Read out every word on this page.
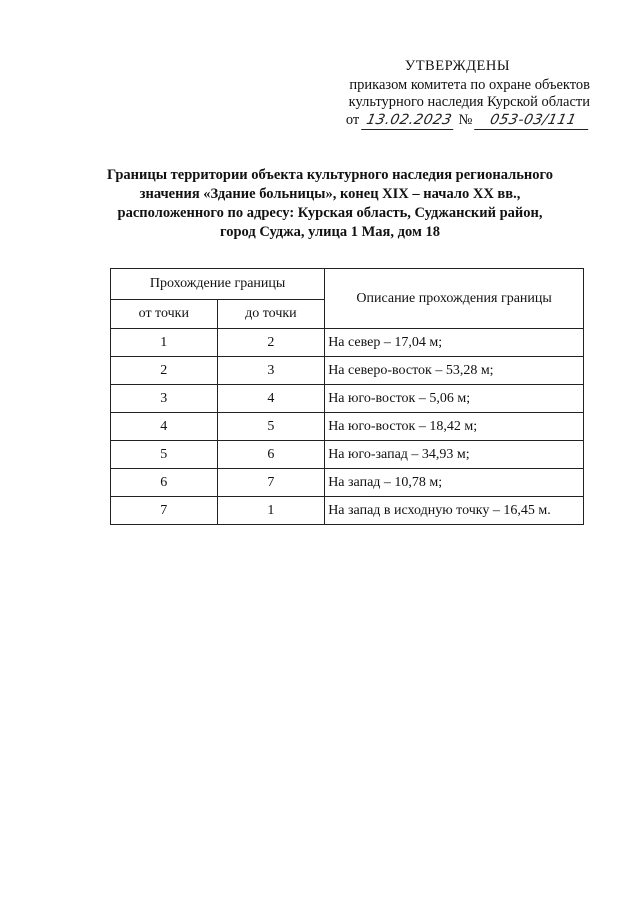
УТВЕРЖДЕНЫ
приказом комитета по охране объектов
культурного наследия Курской области
от 13.02.2023 № 053-03/111
Границы территории объекта культурного наследия регионального
значения «Здание больницы», конец XIX – начало XX вв.,
расположенного по адресу: Курская область, Суджанский район,
город Суджа, улица 1 Мая, дом 18
Прохождение границы		Описание прохождения границы
от точки	до точки	
1	2	На север – 17,04 м;
2	3	На северо-восток – 53,28 м;
3	4	На юго-восток – 5,06 м;
4	5	На юго-восток – 18,42 м;
5	6	На юго-запад – 34,93 м;
6	7	На запад – 10,78 м;
7	1	На запад в исходную точку – 16,45 м.
